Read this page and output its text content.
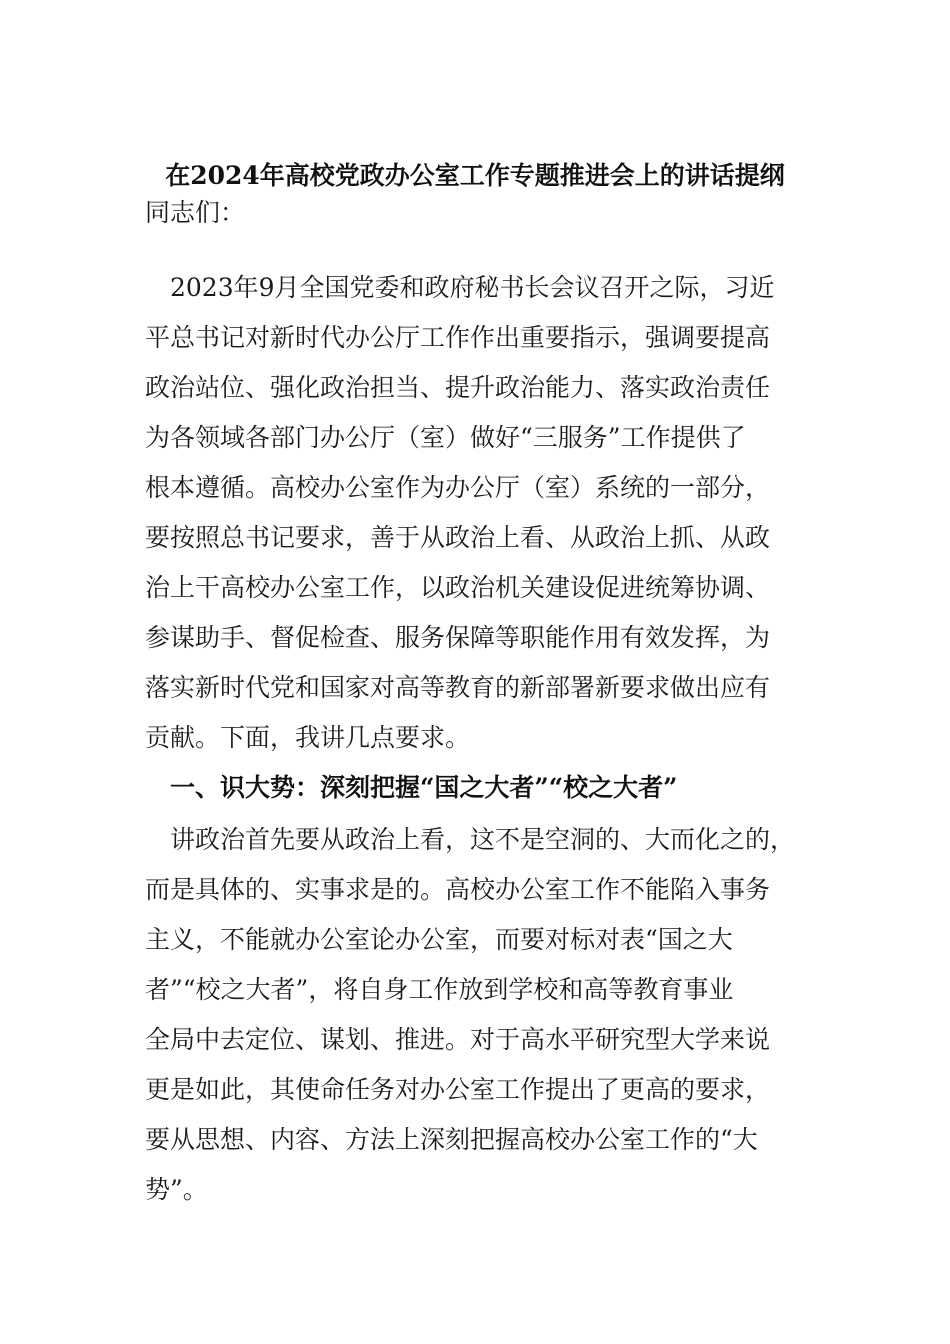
在2024年高校党政办公室工作专题推进会上的讲话提纲
同志们：
　2023年9月全国党委和政府秘书长会议召开之际，习近
平总书记对新时代办公厅工作作出重要指示，强调要提高
政治站位、强化政治担当、提升政治能力、落实政治责任
为各领域各部门办公厅（室）做好“三服务”工作提供了
根本遵循。高校办公室作为办公厅（室）系统的一部分，
要按照总书记要求，善于从政治上看、从政治上抓、从政
治上干高校办公室工作，以政治机关建设促进统筹协调、
参谋助手、督促检查、服务保障等职能作用有效发挥，为
落实新时代党和国家对高等教育的新部署新要求做出应有
贡献。下面，我讲几点要求。
　一、识大势：深刻把握“国之大者”“校之大者”
　讲政治首先要从政治上看，这不是空洞的、大而化之的，
而是具体的、实事求是的。高校办公室工作不能陷入事务
主义，不能就办公室论办公室，而要对标对表“国之大
者”“校之大者”，将自身工作放到学校和高等教育事业
全局中去定位、谋划、推进。对于高水平研究型大学来说
更是如此，其使命任务对办公室工作提出了更高的要求，
要从思想、内容、方法上深刻把握高校办公室工作的“大
势”。
